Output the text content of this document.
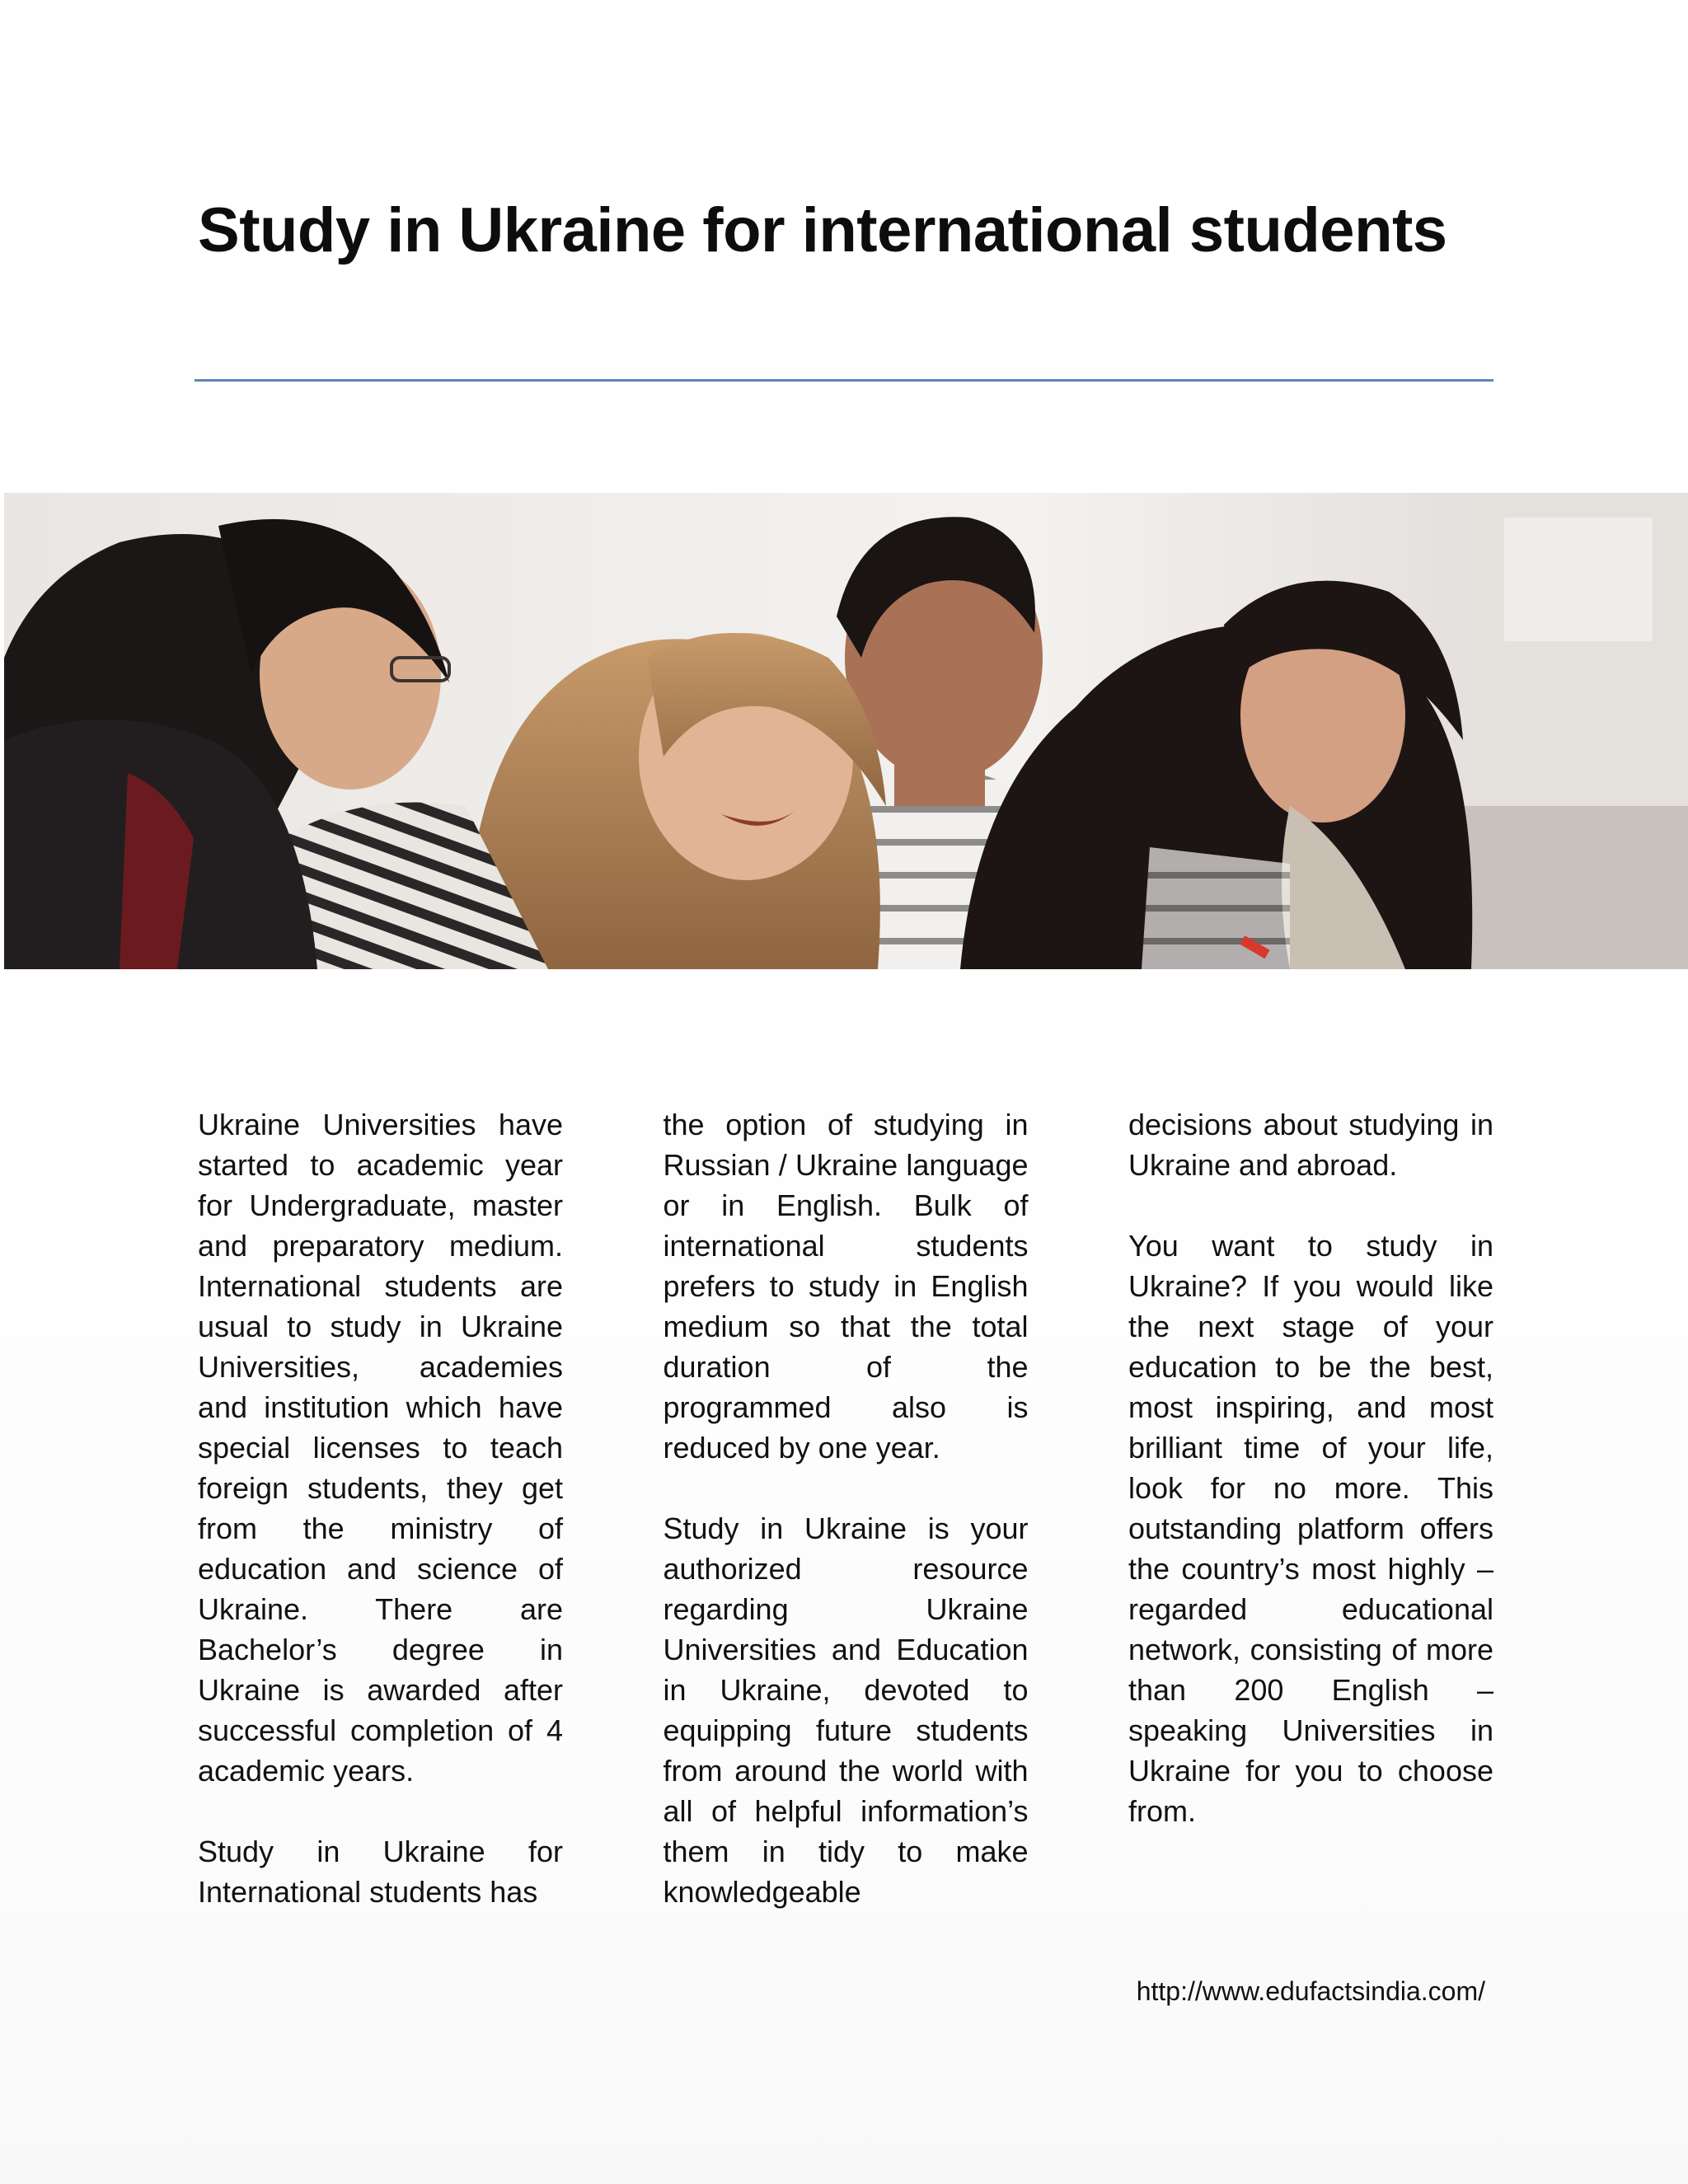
Study in Ukraine for international students

Ukraine Universities have started to academic year for Undergraduate, master and preparatory medium. International students are usual to study in Ukraine Universities, academies and institution which have special licenses to teach foreign students, they get from the ministry of education and science of Ukraine. There are Bachelor’s degree in Ukraine is awarded after successful completion of 4 academic years.

Study in Ukraine for International students has

the option of studying in Russian / Ukraine language or in English. Bulk of international students prefers to study in English medium so that the total duration of the programmed also is reduced by one year.

Study in Ukraine is your authorized resource regarding Ukraine Universities and Education in Ukraine, devoted to equipping future students from around the world with all of helpful information’s them in tidy to make knowledgeable

decisions about studying in Ukraine and abroad.

You want to study in Ukraine? If you would like the next stage of your education to be the best, most inspiring, and most brilliant time of your life, look for no more. This outstanding platform offers the country’s most highly – regarded educational network, consisting of more than 200 English – speaking Universities in Ukraine for you to choose from.

http://www.edufactsindia.com/
